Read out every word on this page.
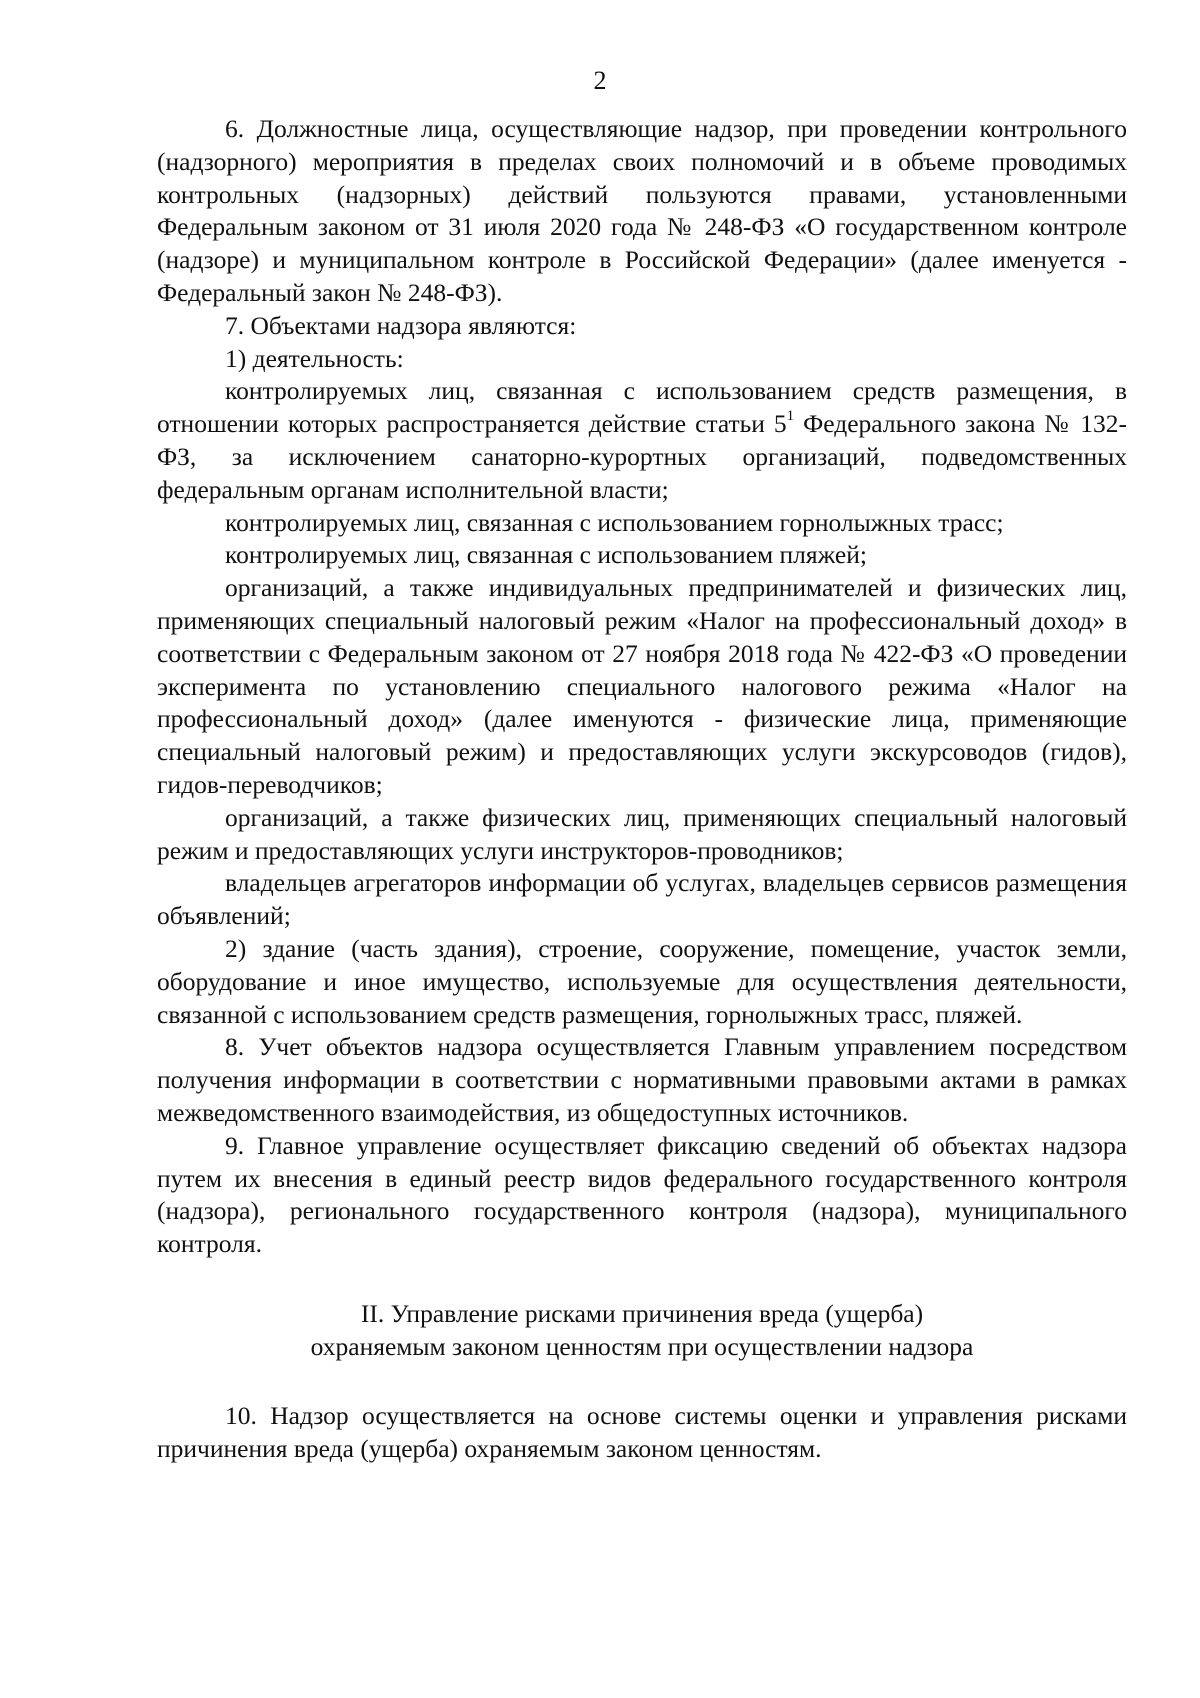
2

6. Должностные лица, осуществляющие надзор, при проведении контрольного (надзорного) мероприятия в пределах своих полномочий и в объеме проводимых контрольных (надзорных) действий пользуются правами, установленными Федеральным законом от 31 июля 2020 года № 248-ФЗ «О государственном контроле (надзоре) и муниципальном контроле в Российской Федерации» (далее именуется - Федеральный закон № 248-ФЗ).

7. Объектами надзора являются:

1) деятельность:

контролируемых лиц, связанная с использованием средств размещения, в отношении которых распространяется действие статьи $5^1$ Федерального закона № 132-ФЗ, за исключением санаторно-курортных организаций, подведомственных федеральным органам исполнительной власти;

контролируемых лиц, связанная с использованием горнолыжных трасс;

контролируемых лиц, связанная с использованием пляжей;

организаций, а также индивидуальных предпринимателей и физических лиц, применяющих специальный налоговый режим «Налог на профессиональный доход» в соответствии с Федеральным законом от 27 ноября 2018 года № 422-ФЗ «О проведении эксперимента по установлению специального налогового режима «Налог на профессиональный доход» (далее именуются - физические лица, применяющие специальный налоговый режим) и предоставляющих услуги экскурсоводов (гидов), гидов-переводчиков;

организаций, а также физических лиц, применяющих специальный налоговый режим и предоставляющих услуги инструкторов-проводников;

владельцев агрегаторов информации об услугах, владельцев сервисов размещения объявлений;

2) здание (часть здания), строение, сооружение, помещение, участок земли, оборудование и иное имущество, используемые для осуществления деятельности, связанной с использованием средств размещения, горнолыжных трасс, пляжей.

8. Учет объектов надзора осуществляется Главным управлением посредством получения информации в соответствии с нормативными правовыми актами в рамках межведомственного взаимодействия, из общедоступных источников.

9. Главное управление осуществляет фиксацию сведений об объектах надзора путем их внесения в единый реестр видов федерального государственного контроля (надзора), регионального государственного контроля (надзора), муниципального контроля.

II. Управление рисками причинения вреда (ущерба)
охраняемым законом ценностям при осуществлении надзора

10. Надзор осуществляется на основе системы оценки и управления рисками причинения вреда (ущерба) охраняемым законом ценностям.
